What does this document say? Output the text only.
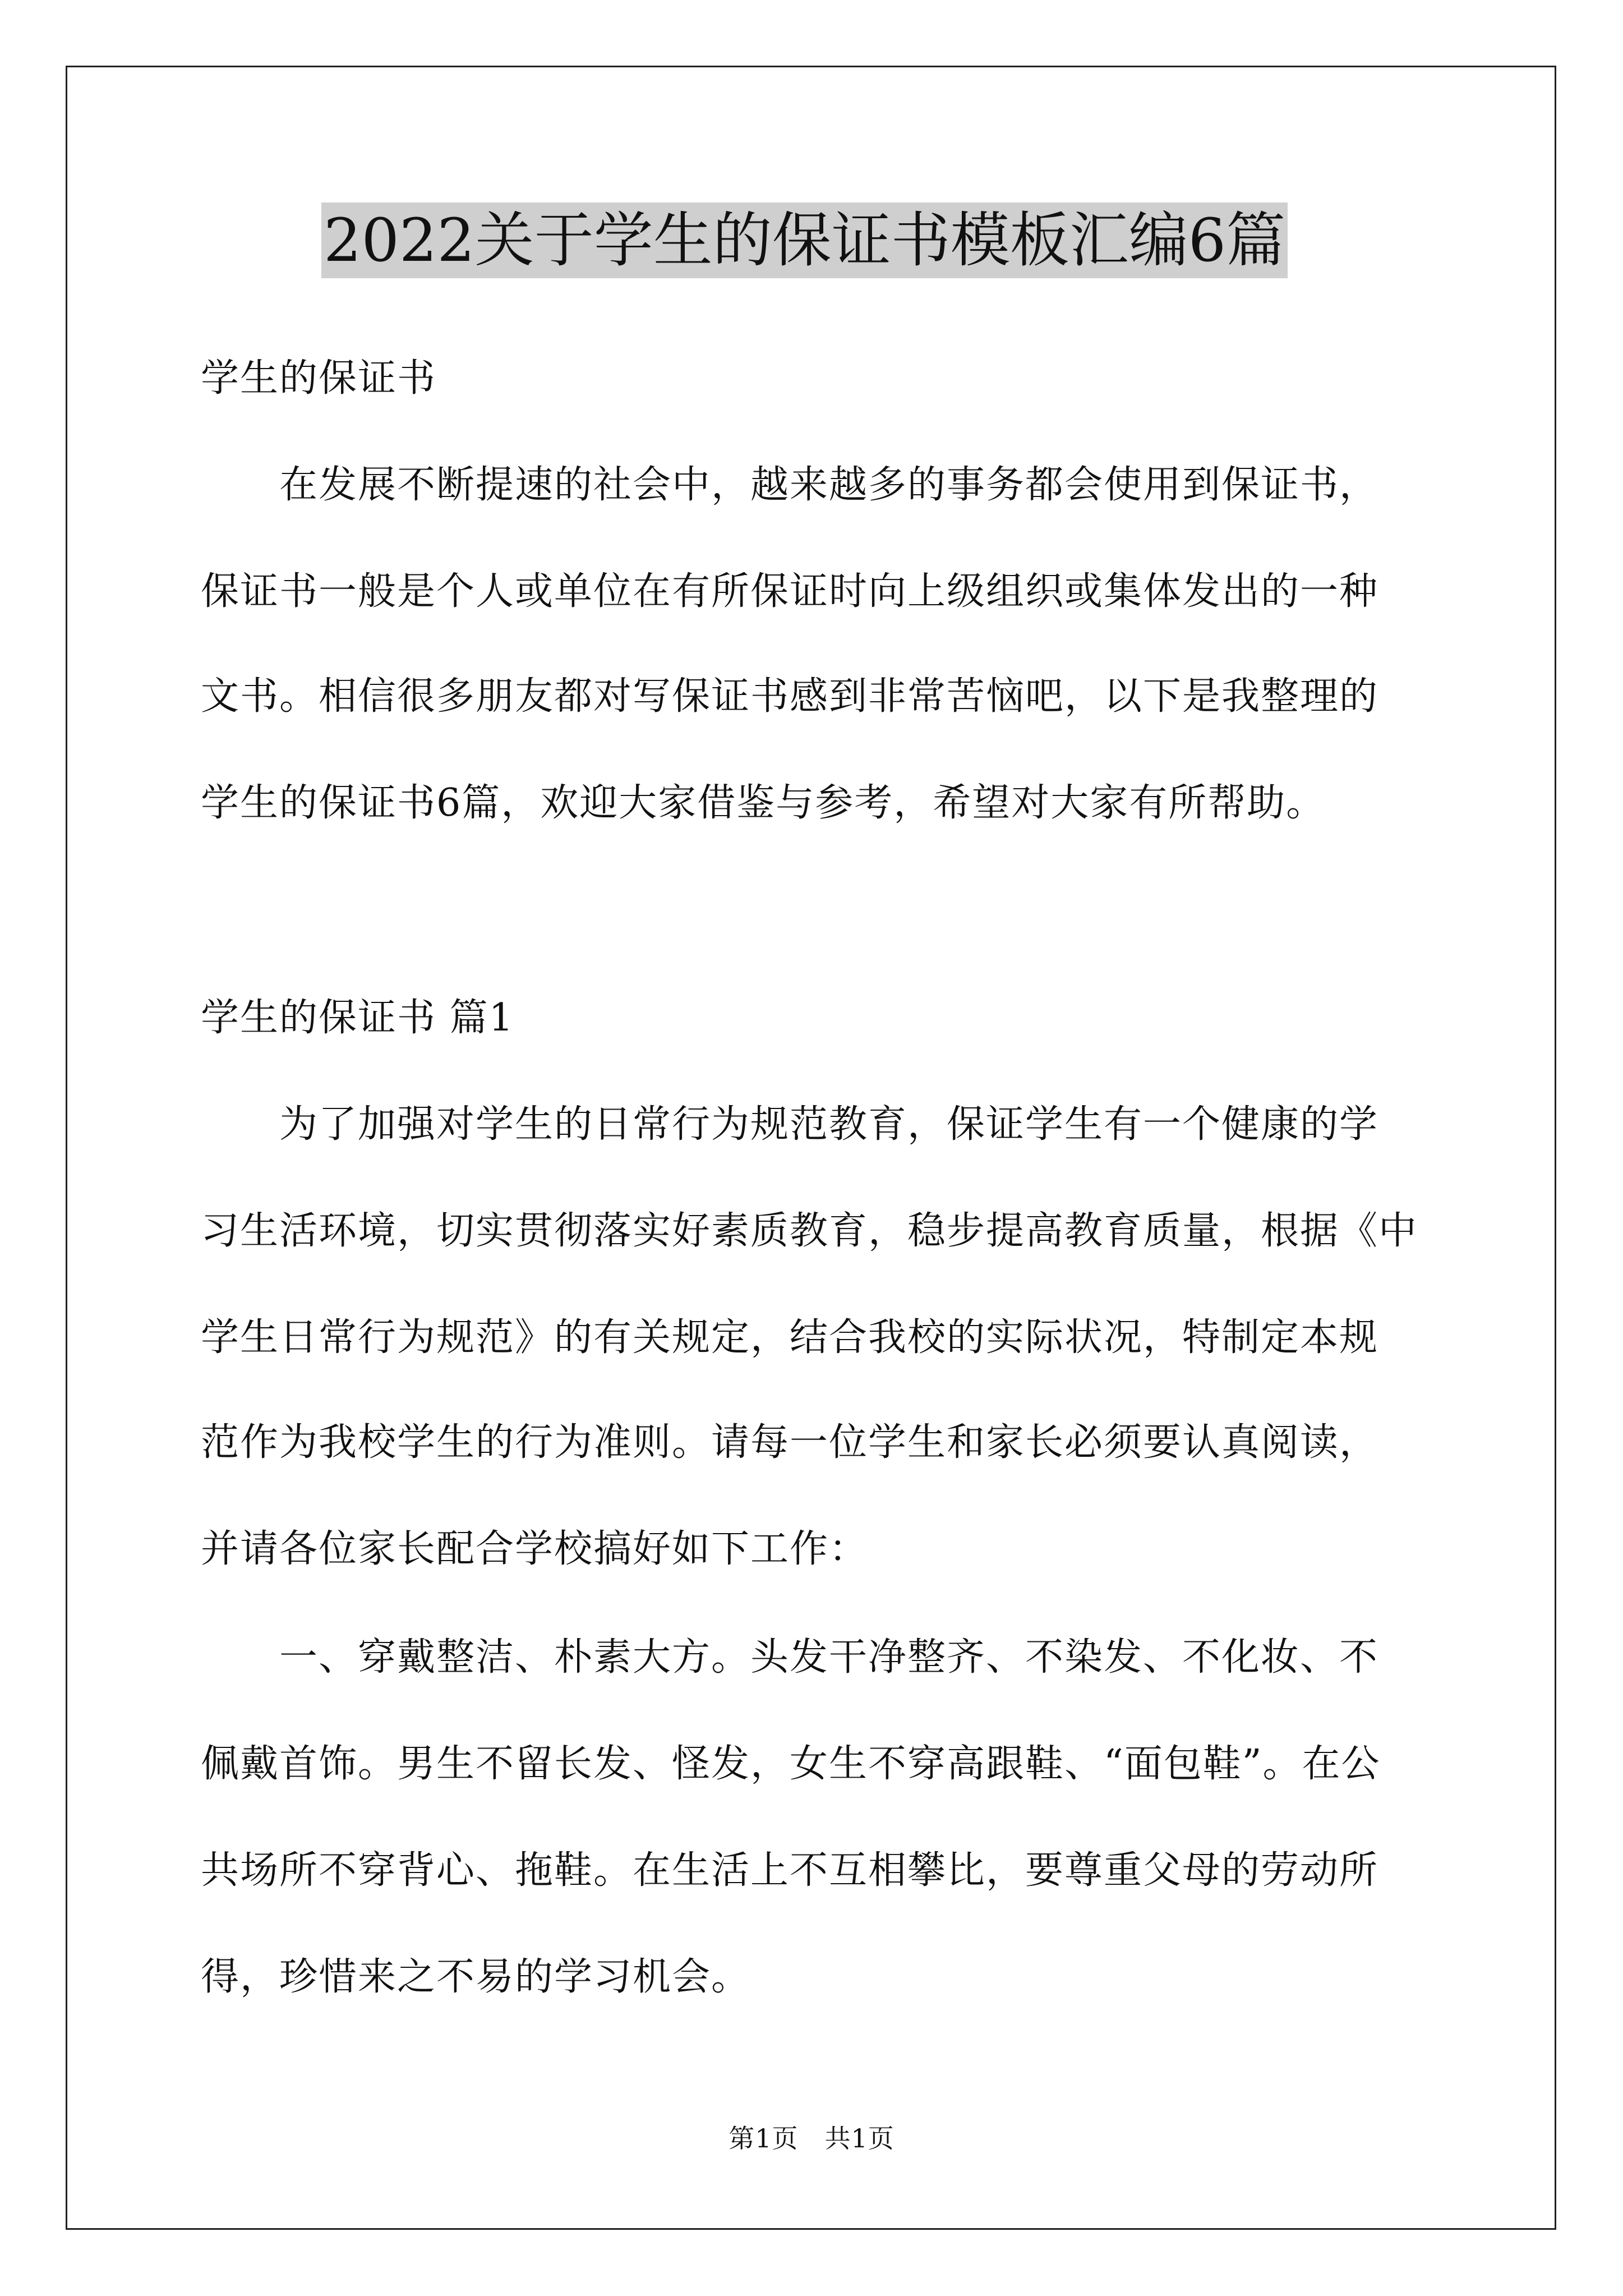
2022关于学生的保证书模板汇编6篇
学生的保证书
　　在发展不断提速的社会中，越来越多的事务都会使用到保证书，
保证书一般是个人或单位在有所保证时向上级组织或集体发出的一种
文书。相信很多朋友都对写保证书感到非常苦恼吧，以下是我整理的
学生的保证书6篇，欢迎大家借鉴与参考，希望对大家有所帮助。
学生的保证书 篇1
　　为了加强对学生的日常行为规范教育，保证学生有一个健康的学
习生活环境，切实贯彻落实好素质教育，稳步提高教育质量，根据《中
学生日常行为规范》的有关规定，结合我校的实际状况，特制定本规
范作为我校学生的行为准则。请每一位学生和家长必须要认真阅读，
并请各位家长配合学校搞好如下工作：
　　一、穿戴整洁、朴素大方。头发干净整齐、不染发、不化妆、不
佩戴首饰。男生不留长发、怪发，女生不穿高跟鞋、“面包鞋”。在公
共场所不穿背心、拖鞋。在生活上不互相攀比，要尊重父母的劳动所
得，珍惜来之不易的学习机会。
第1页　共1页
